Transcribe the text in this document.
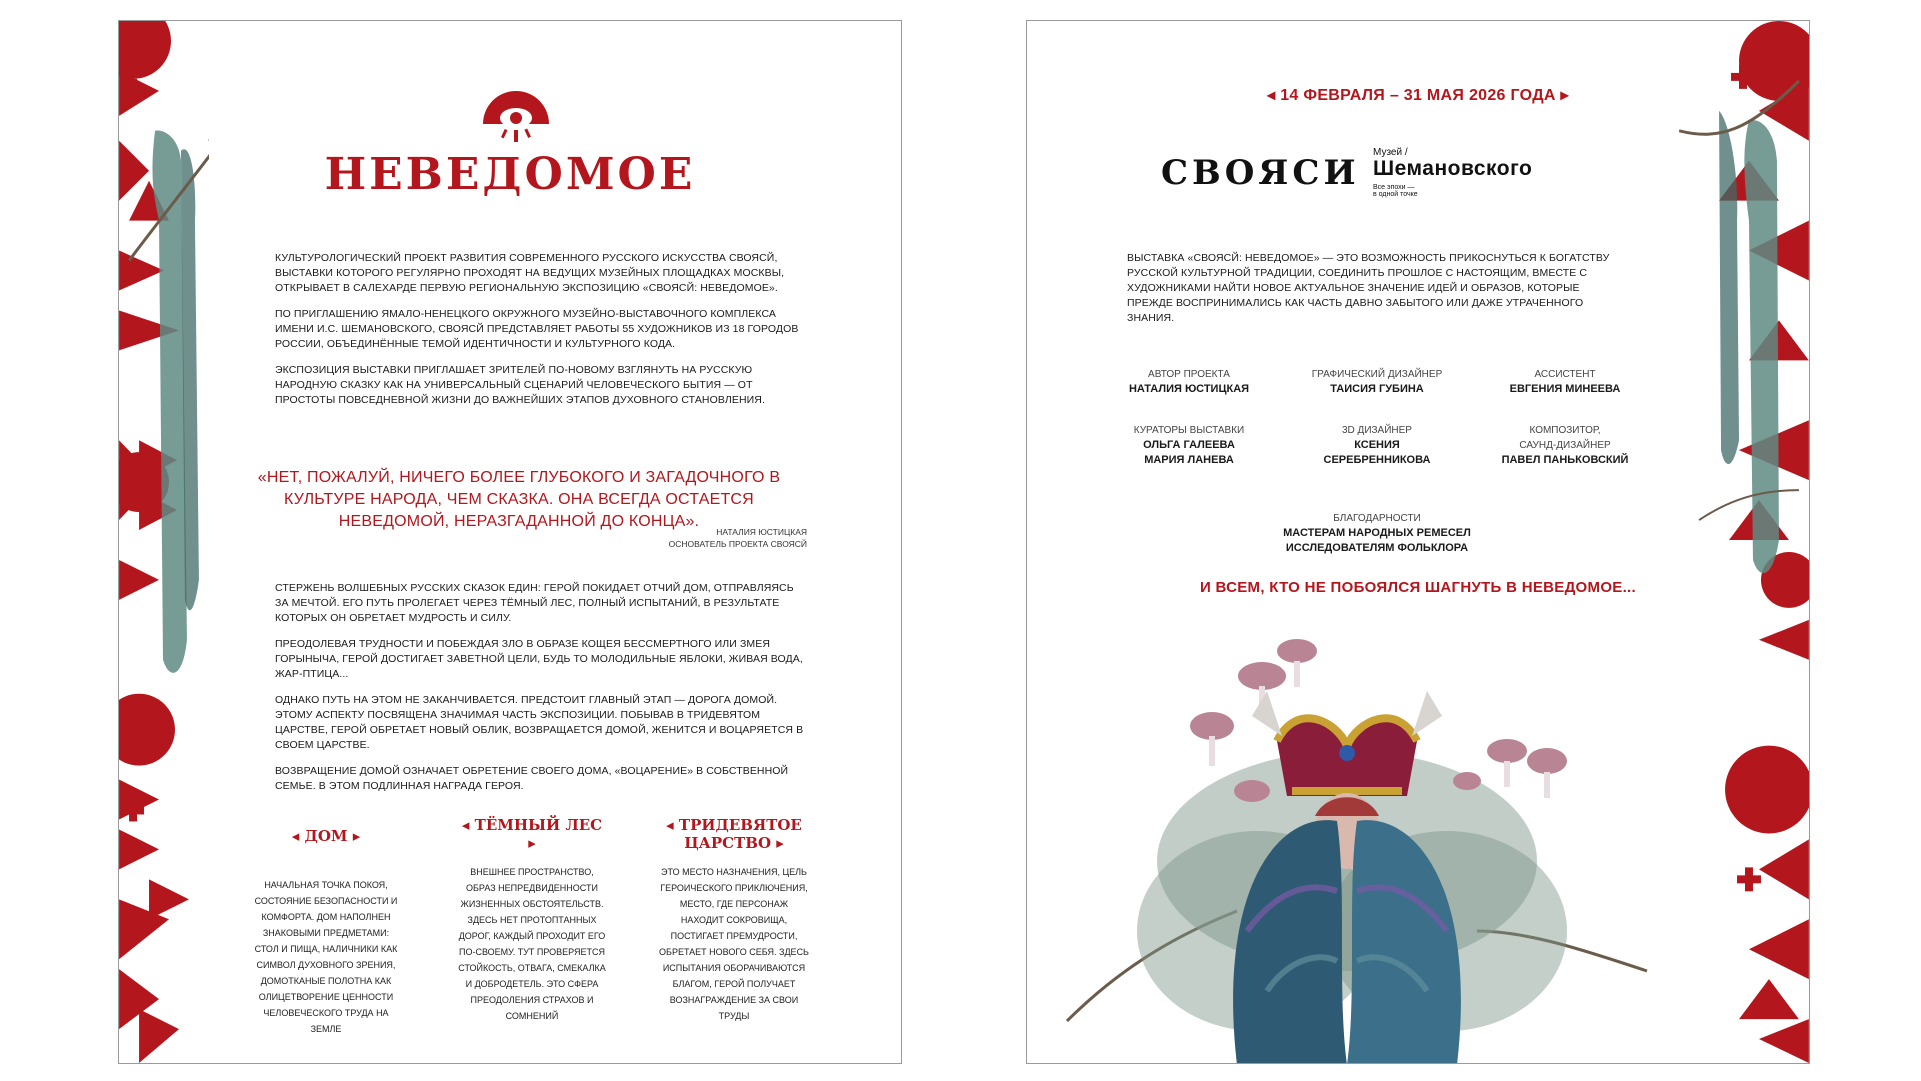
НЕВЕДОМОЕ

КУЛЬТУРОЛОГИЧЕСКИЙ ПРОЕКТ РАЗВИТИЯ СОВРЕМЕННОГО РУССКОГО ИСКУССТВА СВОЯСЙ, ВЫСТАВКИ КОТОРОГО РЕГУЛЯРНО ПРОХОДЯТ НА ВЕДУЩИХ МУЗЕЙНЫХ ПЛОЩАДКАХ МОСКВЫ, ОТКРЫВАЕТ В САЛЕХАРДЕ ПЕРВУЮ РЕГИОНАЛЬНУЮ ЭКСПОЗИЦИЮ «СВОЯСЙ: НЕВЕДОМОЕ».

ПО ПРИГЛАШЕНИЮ ЯМАЛО-НЕНЕЦКОГО ОКРУЖНОГО МУЗЕЙНО-ВЫСТАВОЧНОГО КОМПЛЕКСА ИМЕНИ И.С. ШЕМАНОВСКОГО, СВОЯСЙ ПРЕДСТАВЛЯЕТ РАБОТЫ 55 ХУДОЖНИКОВ ИЗ 18 ГОРОДОВ РОССИИ, ОБЪЕДИНЁННЫЕ ТЕМОЙ ИДЕНТИЧНОСТИ И КУЛЬТУРНОГО КОДА.

ЭКСПОЗИЦИЯ ВЫСТАВКИ ПРИГЛАШАЕТ ЗРИТЕЛЕЙ ПО-НОВОМУ ВЗГЛЯНУТЬ НА РУССКУЮ НАРОДНУЮ СКАЗКУ КАК НА УНИВЕРСАЛЬНЫЙ СЦЕНАРИЙ ЧЕЛОВЕЧЕСКОГО БЫТИЯ — ОТ ПРОСТОТЫ ПОВСЕДНЕВНОЙ ЖИЗНИ ДО ВАЖНЕЙШИХ ЭТАПОВ ДУХОВНОГО СТАНОВЛЕНИЯ.

«НЕТ, ПОЖАЛУЙ, НИЧЕГО БОЛЕЕ ГЛУБОКОГО И ЗАГАДОЧНОГО В КУЛЬТУРЕ НАРОДА, ЧЕМ СКАЗКА. ОНА ВСЕГДА ОСТАЕТСЯ НЕВЕДОМОЙ, НЕРАЗГАДАННОЙ ДО КОНЦА».
НАТАЛИЯ ЮСТИЦКАЯ
ОСНОВАТЕЛЬ ПРОЕКТА СВОЯСЙ

СТЕРЖЕНЬ ВОЛШЕБНЫХ РУССКИХ СКАЗОК ЕДИН: ГЕРОЙ ПОКИДАЕТ ОТЧИЙ ДОМ, ОТПРАВЛЯЯСЬ ЗА МЕЧТОЙ. ЕГО ПУТЬ ПРОЛЕГАЕТ ЧЕРЕЗ ТЁМНЫЙ ЛЕС, ПОЛНЫЙ ИСПЫТАНИЙ, В РЕЗУЛЬТАТЕ КОТОРЫХ ОН ОБРЕТАЕТ МУДРОСТЬ И СИЛУ.

ПРЕОДОЛЕВАЯ ТРУДНОСТИ И ПОБЕЖДАЯ ЗЛО В ОБРАЗЕ КОЩЕЯ БЕССМЕРТНОГО ИЛИ ЗМЕЯ ГОРЫНЫЧА, ГЕРОЙ ДОСТИГАЕТ ЗАВЕТНОЙ ЦЕЛИ, БУДЬ ТО МОЛОДИЛЬНЫЕ ЯБЛОКИ, ЖИВАЯ ВОДА, ЖАР-ПТИЦА...

ОДНАКО ПУТЬ НА ЭТОМ НЕ ЗАКАНЧИВАЕТСЯ. ПРЕДСТОИТ ГЛАВНЫЙ ЭТАП — ДОРОГА ДОМОЙ. ЭТОМУ АСПЕКТУ ПОСВЯЩЕНА ЗНАЧИМАЯ ЧАСТЬ ЭКСПОЗИЦИИ. ПОБЫВАВ В ТРИДЕВЯТОМ ЦАРСТВЕ, ГЕРОЙ ОБРЕТАЕТ НОВЫЙ ОБЛИК, ВОЗВРАЩАЕТСЯ ДОМОЙ, ЖЕНИТСЯ И ВОЦАРЯЕТСЯ В СВОЕМ ЦАРСТВЕ.

ВОЗВРАЩЕНИЕ ДОМОЙ ОЗНАЧАЕТ ОБРЕТЕНИЕ СВОЕГО ДОМА, «ВОЦАРЕНИЕ» В СОБСТВЕННОЙ СЕМЬЕ. В ЭТОМ ПОДЛИННАЯ НАГРАДА ГЕРОЯ.

◂ ДОМ ▸
НАЧАЛЬНАЯ ТОЧКА ПОКОЯ, СОСТОЯНИЕ БЕЗОПАСНОСТИ И КОМФОРТА. ДОМ НАПОЛНЕН ЗНАКОВЫМИ ПРЕДМЕТАМИ: СТОЛ И ПИЩА, НАЛИЧНИКИ КАК СИМВОЛ ДУХОВНОГО ЗРЕНИЯ, ДОМОТКАНЫЕ ПОЛОТНА КАК ОЛИЦЕТВОРЕНИЕ ЦЕННОСТИ ЧЕЛОВЕЧЕСКОГО ТРУДА НА ЗЕМЛЕ
◂ ТЁМНЫЙ ЛЕС ▸
ВНЕШНЕЕ ПРОСТРАНСТВО, ОБРАЗ НЕПРЕДВИДЕННОСТИ ЖИЗНЕННЫХ ОБСТОЯТЕЛЬСТВ. ЗДЕСЬ НЕТ ПРОТОПТАННЫХ ДОРОГ, КАЖДЫЙ ПРОХОДИТ ЕГО ПО-СВОЕМУ. ТУТ ПРОВЕРЯЕТСЯ СТОЙКОСТЬ, ОТВАГА, СМЕКАЛКА И ДОБРОДЕТЕЛЬ. ЭТО СФЕРА ПРЕОДОЛЕНИЯ СТРАХОВ И СОМНЕНИЙ
◂ ТРИДЕВЯТОЕ ЦАРСТВО ▸
ЭТО МЕСТО НАЗНАЧЕНИЯ, ЦЕЛЬ ГЕРОИЧЕСКОГО ПРИКЛЮЧЕНИЯ, МЕСТО, ГДЕ ПЕРСОНАЖ НАХОДИТ СОКРОВИЩА, ПОСТИГАЕТ ПРЕМУДРОСТИ, ОБРЕТАЕТ НОВОГО СЕБЯ. ЗДЕСЬ ИСПЫТАНИЯ ОБОРАЧИВАЮТСЯ БЛАГОМ, ГЕРОЙ ПОЛУЧАЕТ ВОЗНАГРАЖДЕНИЕ ЗА СВОИ ТРУДЫ
◂ 14 ФЕВРАЛЯ – 31 МАЯ 2026 ГОДА ▸
СВОЯСИ
Музей /
Шемановского
Все эпохи —
в одной точке
ВЫСТАВКА «СВОЯСЙ: НЕВЕДОМОЕ» — ЭТО ВОЗМОЖНОСТЬ ПРИКОСНУТЬСЯ К БОГАТСТВУ РУССКОЙ КУЛЬТУРНОЙ ТРАДИЦИИ, СОЕДИНИТЬ ПРОШЛОЕ С НАСТОЯЩИМ, ВМЕСТЕ С ХУДОЖНИКАМИ НАЙТИ НОВОЕ АКТУАЛЬНОЕ ЗНАЧЕНИЕ ИДЕЙ И ОБРАЗОВ, КОТОРЫЕ ПРЕЖДЕ ВОСПРИНИМАЛИСЬ КАК ЧАСТЬ ДАВНО ЗАБЫТОГО ИЛИ ДАЖЕ УТРАЧЕННОГО ЗНАНИЯ.
АВТОР ПРОЕКТА
НАТАЛИЯ ЮСТИЦКАЯ
ГРАФИЧЕСКИЙ ДИЗАЙНЕР
ТАИСИЯ ГУБИНА
АССИСТЕНТ
ЕВГЕНИЯ МИНЕЕВА
КУРАТОРЫ ВЫСТАВКИ
ОЛЬГА ГАЛЕЕВА
МАРИЯ ЛАНЕВА
3D ДИЗАЙНЕР
КСЕНИЯ
СЕРЕБРЕННИКОВА
КОМПОЗИТОР, САУНД-ДИЗАЙНЕР
ПАВЕЛ ПАНЬКОВСКИЙ
БЛАГОДАРНОСТИ
МАСТЕРАМ НАРОДНЫХ РЕМЕСЕЛ
ИССЛЕДОВАТЕЛЯМ ФОЛЬКЛОРА
И ВСЕМ, КТО НЕ ПОБОЯЛСЯ ШАГНУТЬ В НЕВЕДОМОЕ...
